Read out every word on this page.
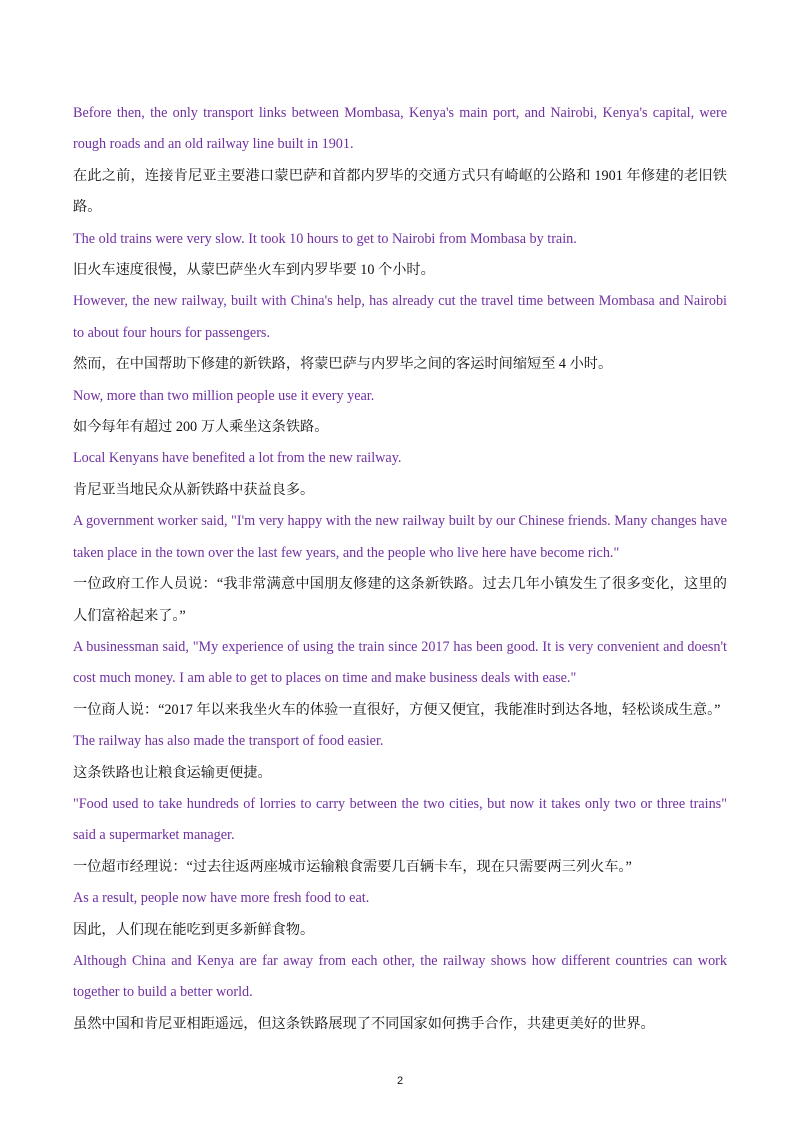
Before then, the only transport links between Mombasa, Kenya's main port, and Nairobi, Kenya's capital, were rough roads and an old railway line built in 1901.

在此之前，连接肯尼亚主要港口蒙巴萨和首都内罗毕的交通方式只有崎岖的公路和 1901 年修建的老旧铁路。

The old trains were very slow. It took 10 hours to get to Nairobi from Mombasa by train.

旧火车速度很慢，从蒙巴萨坐火车到内罗毕要 10 个小时。

However, the new railway, built with China's help, has already cut the travel time between Mombasa and Nairobi to about four hours for passengers.

然而，在中国帮助下修建的新铁路，将蒙巴萨与内罗毕之间的客运时间缩短至 4 小时。

Now, more than two million people use it every year.

如今每年有超过 200 万人乘坐这条铁路。

Local Kenyans have benefited a lot from the new railway.

肯尼亚当地民众从新铁路中获益良多。

A government worker said, "I'm very happy with the new railway built by our Chinese friends. Many changes have taken place in the town over the last few years, and the people who live here have become rich."

一位政府工作人员说：“我非常满意中国朋友修建的这条新铁路。过去几年小镇发生了很多变化，这里的人们富裕起来了。”

A businessman said, "My experience of using the train since 2017 has been good. It is very convenient and doesn't cost much money. I am able to get to places on time and make business deals with ease."

一位商人说：“2017 年以来我坐火车的体验一直很好，方便又便宜，我能准时到达各地，轻松谈成生意。”

The railway has also made the transport of food easier.

这条铁路也让粮食运输更便捷。

"Food used to take hundreds of lorries to carry between the two cities, but now it takes only two or three trains" said a supermarket manager.

一位超市经理说：“过去往返两座城市运输粮食需要几百辆卡车，现在只需要两三列火车。”

As a result, people now have more fresh food to eat.

因此，人们现在能吃到更多新鲜食物。

Although China and Kenya are far away from each other, the railway shows how different countries can work together to build a better world.

虽然中国和肯尼亚相距遥远，但这条铁路展现了不同国家如何携手合作，共建更美好的世界。

2
